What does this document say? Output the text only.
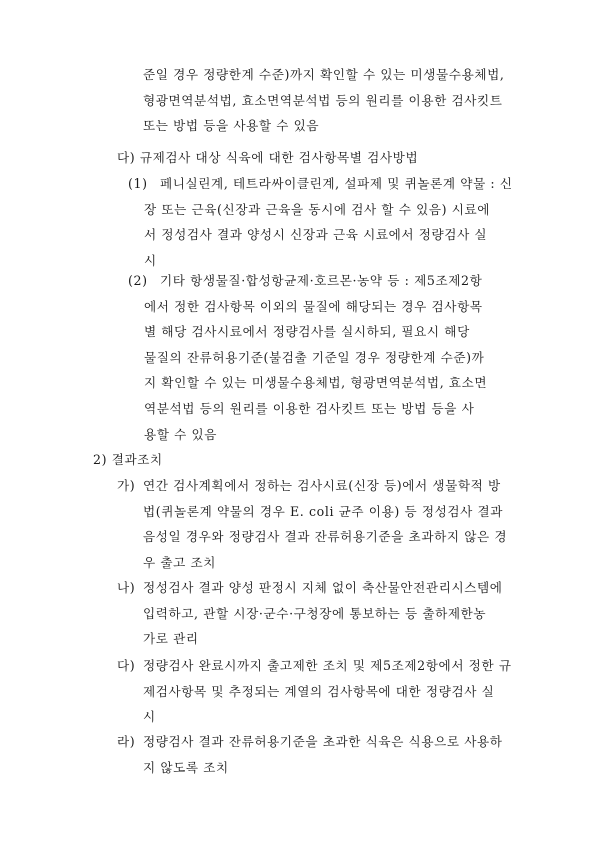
준일 경우 정량한계 수준)까지 확인할 수 있는 미생물수용체법,
형광면역분석법, 효소면역분석법 등의 원리를 이용한 검사킷트
또는 방법 등을 사용할 수 있음
다) 규제검사 대상 식육에 대한 검사항목별 검사방법
(1) 페니실린계, 테트라싸이클린계, 설파제 및 퀴놀론계 약물 : 신
장 또는 근육(신장과 근육을 동시에 검사 할 수 있음) 시료에
서 정성검사 결과 양성시 신장과 근육 시료에서 정량검사 실
시
(2) 기타 항생물질·합성항균제·호르몬·농약 등 : 제5조제2항
에서 정한 검사항목 이외의 물질에 해당되는 경우 검사항목
별 해당 검사시료에서 정량검사를 실시하되, 필요시 해당
물질의 잔류허용기준(불검출 기준일 경우 정량한계 수준)까
지 확인할 수 있는 미생물수용체법, 형광면역분석법, 효소면
역분석법 등의 원리를 이용한 검사킷트 또는 방법 등을 사
용할 수 있음
2) 결과조치
가) 연간 검사계획에서 정하는 검사시료(신장 등)에서 생물학적 방
법(퀴놀론계 약물의 경우 E. coli 균주 이용) 등 정성검사 결과
음성일 경우와 정량검사 결과 잔류허용기준을 초과하지 않은 경
우 출고 조치
나) 정성검사 결과 양성 판정시 지체 없이 축산물안전관리시스템에
입력하고, 관할 시장·군수·구청장에 통보하는 등 출하제한농
가로 관리
다) 정량검사 완료시까지 출고제한 조치 및 제5조제2항에서 정한 규
제검사항목 및 추정되는 계열의 검사항목에 대한 정량검사 실
시
라) 정량검사 결과 잔류허용기준을 초과한 식육은 식용으로 사용하
지 않도록 조치
